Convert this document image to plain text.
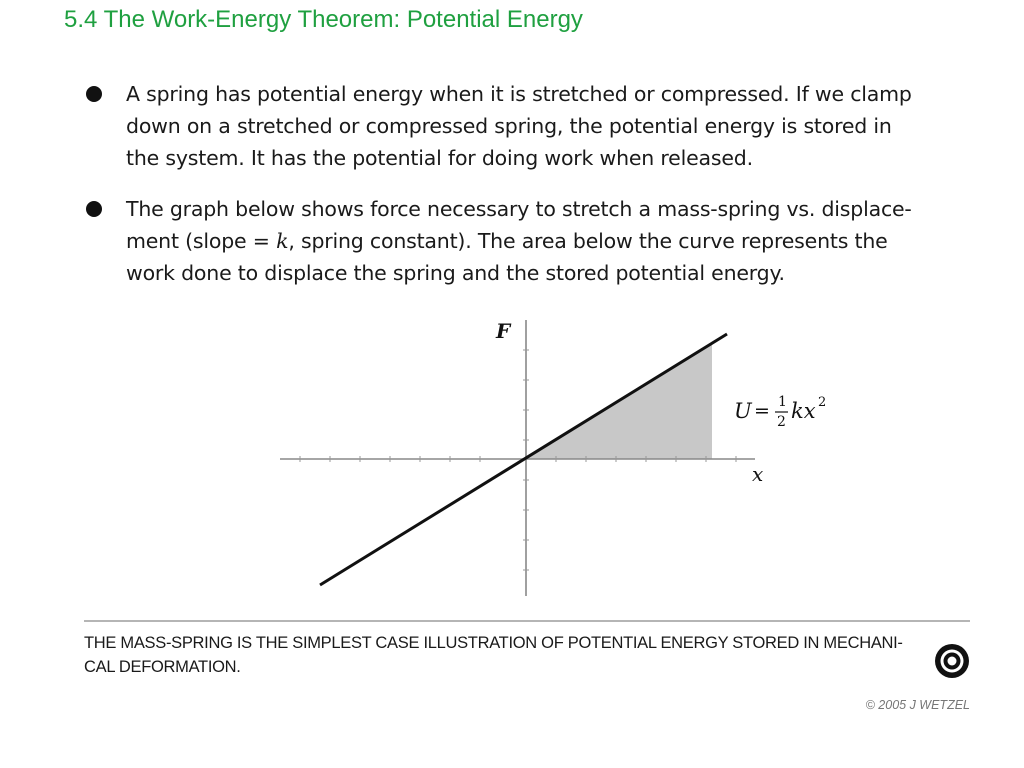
5.4 The Work-Energy Theorem: Potential Energy
A spring has potential energy when it is stretched or compressed. If we clamp
down on a stretched or compressed spring, the potential energy is stored in
the system. It has the potential for doing work when released.
The graph below shows force necessary to stretch a mass-spring vs. displace-
ment (slope = k, spring constant). The area below the curve represents the
work done to displace the spring and the stored potential energy.
F
x
U = 1
2 kx 2
THE MASS-SPRING IS THE SIMPLEST CASE ILLUSTRATION OF POTENTIAL ENERGY STORED IN MECHANI-
CAL DEFORMATION.
© 2005 J WETZEL
